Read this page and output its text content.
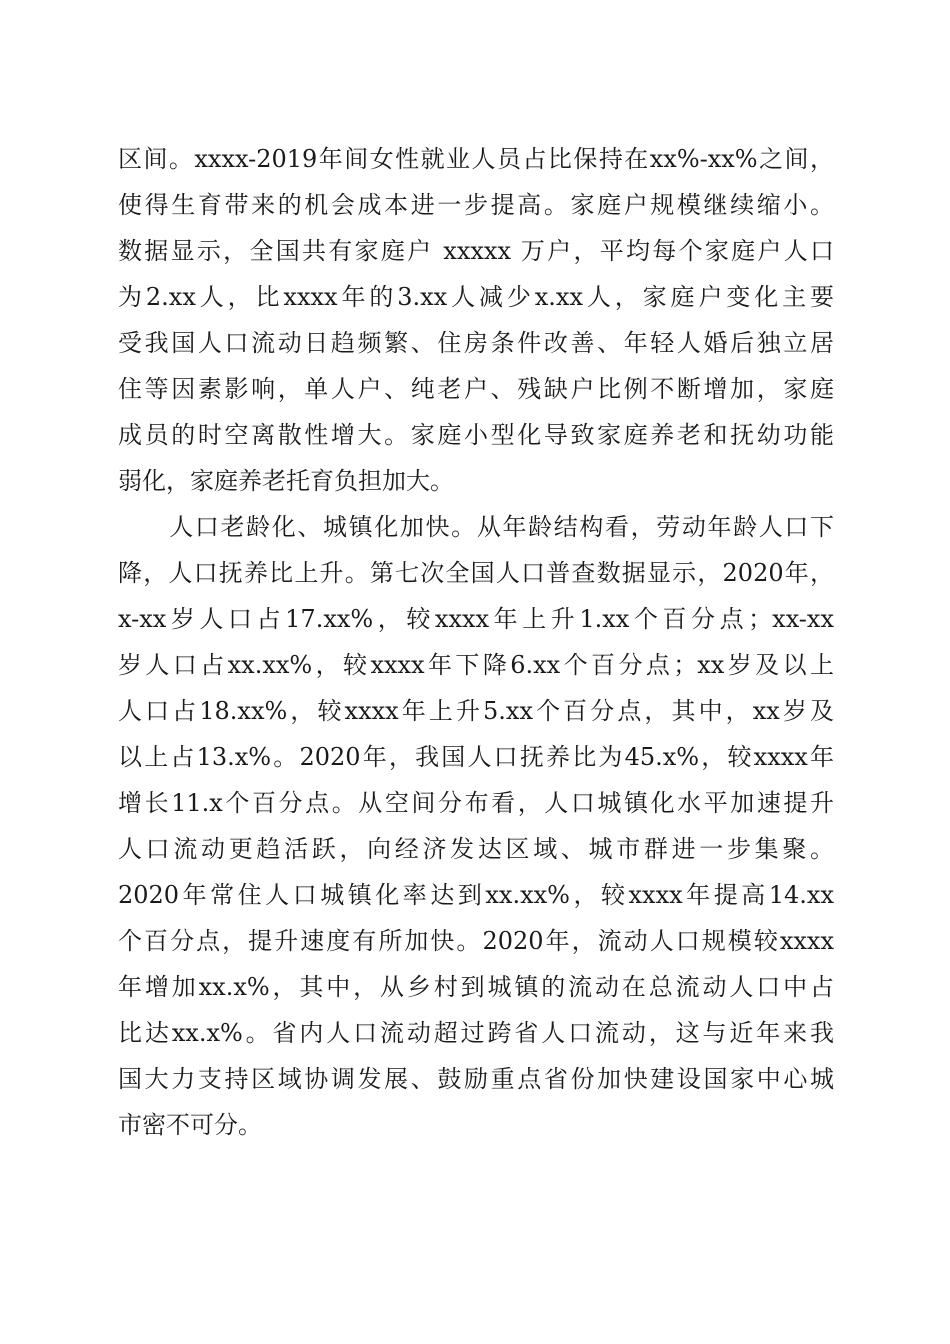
区间。xxxx-2019年间女性就业人员占比保持在xx%-xx%之间，
使得生育带来的机会成本进一步提高。家庭户规模继续缩小。
数据显示，全国共有家庭户 xxxxx 万户，平均每个家庭户人口
为2.xx人，比xxxx年的3.xx人减少x.xx人，家庭户变化主要
受我国人口流动日趋频繁、住房条件改善、年轻人婚后独立居
住等因素影响，单人户、纯老户、残缺户比例不断增加，家庭
成员的时空离散性增大。家庭小型化导致家庭养老和抚幼功能
弱化，家庭养老托育负担加大。
　　人口老龄化、城镇化加快。从年龄结构看，劳动年龄人口下
降，人口抚养比上升。第七次全国人口普查数据显示，2020年，
x-xx岁人口占17.xx%，较xxxx年上升1.xx个百分点；xx-xx
岁人口占xx.xx%，较xxxx年下降6.xx个百分点；xx岁及以上
人口占18.xx%，较xxxx年上升5.xx个百分点，其中，xx岁及
以上占13.x%。2020年，我国人口抚养比为45.x%，较xxxx年
增长11.x个百分点。从空间分布看，人口城镇化水平加速提升
人口流动更趋活跃，向经济发达区域、城市群进一步集聚。
2020年常住人口城镇化率达到xx.xx%，较xxxx年提高14.xx
个百分点，提升速度有所加快。2020年，流动人口规模较xxxx
年增加xx.x%，其中，从乡村到城镇的流动在总流动人口中占
比达xx.x%。省内人口流动超过跨省人口流动，这与近年来我
国大力支持区域协调发展、鼓励重点省份加快建设国家中心城
市密不可分。
